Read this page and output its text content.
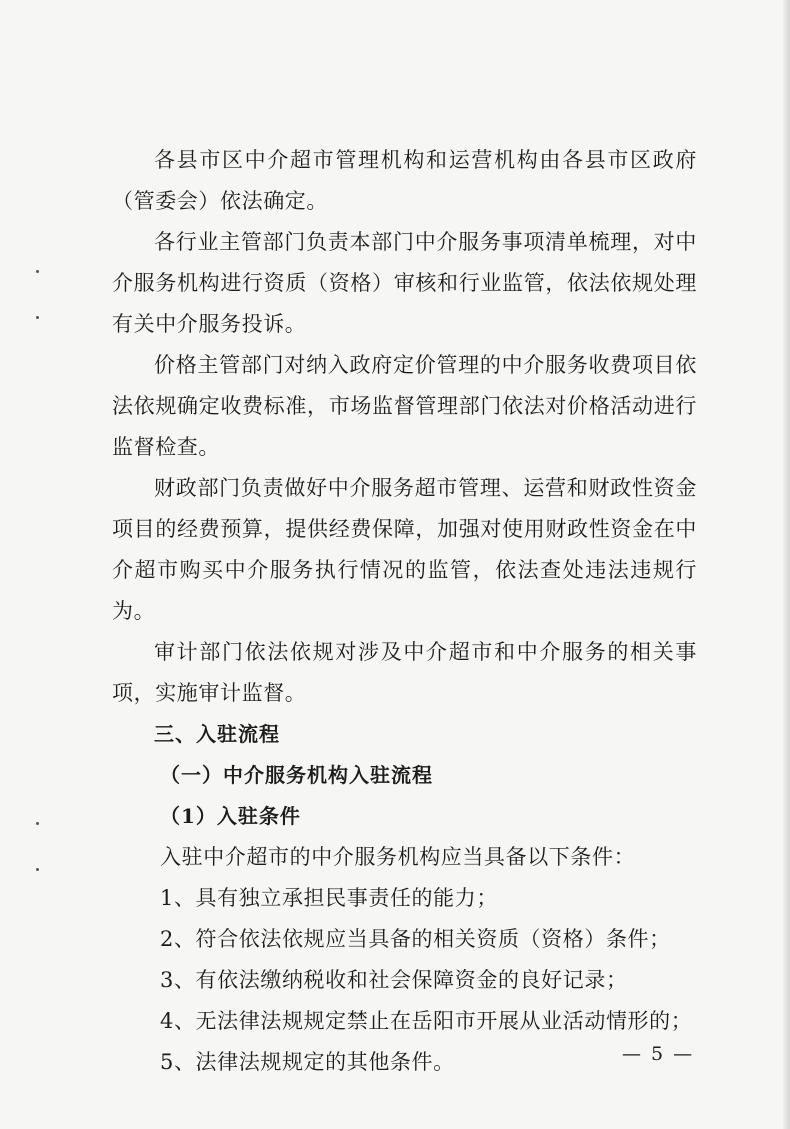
各县市区中介超市管理机构和运营机构由各县市区政府（管委会）依法确定。

各行业主管部门负责本部门中介服务事项清单梳理，对中介服务机构进行资质（资格）审核和行业监管，依法依规处理有关中介服务投诉。

价格主管部门对纳入政府定价管理的中介服务收费项目依法依规确定收费标准，市场监督管理部门依法对价格活动进行监督检查。

财政部门负责做好中介服务超市管理、运营和财政性资金项目的经费预算，提供经费保障，加强对使用财政性资金在中介超市购买中介服务执行情况的监管，依法查处违法违规行为。

审计部门依法依规对涉及中介超市和中介服务的相关事项，实施审计监督。

三、入驻流程

（一）中介服务机构入驻流程

（1）入驻条件

入驻中介超市的中介服务机构应当具备以下条件：

1、具有独立承担民事责任的能力；

2、符合依法依规应当具备的相关资质（资格）条件；

3、有依法缴纳税收和社会保障资金的良好记录；

4、无法律法规规定禁止在岳阳市开展从业活动情形的；

5、法律法规规定的其他条件。	— 5 —
